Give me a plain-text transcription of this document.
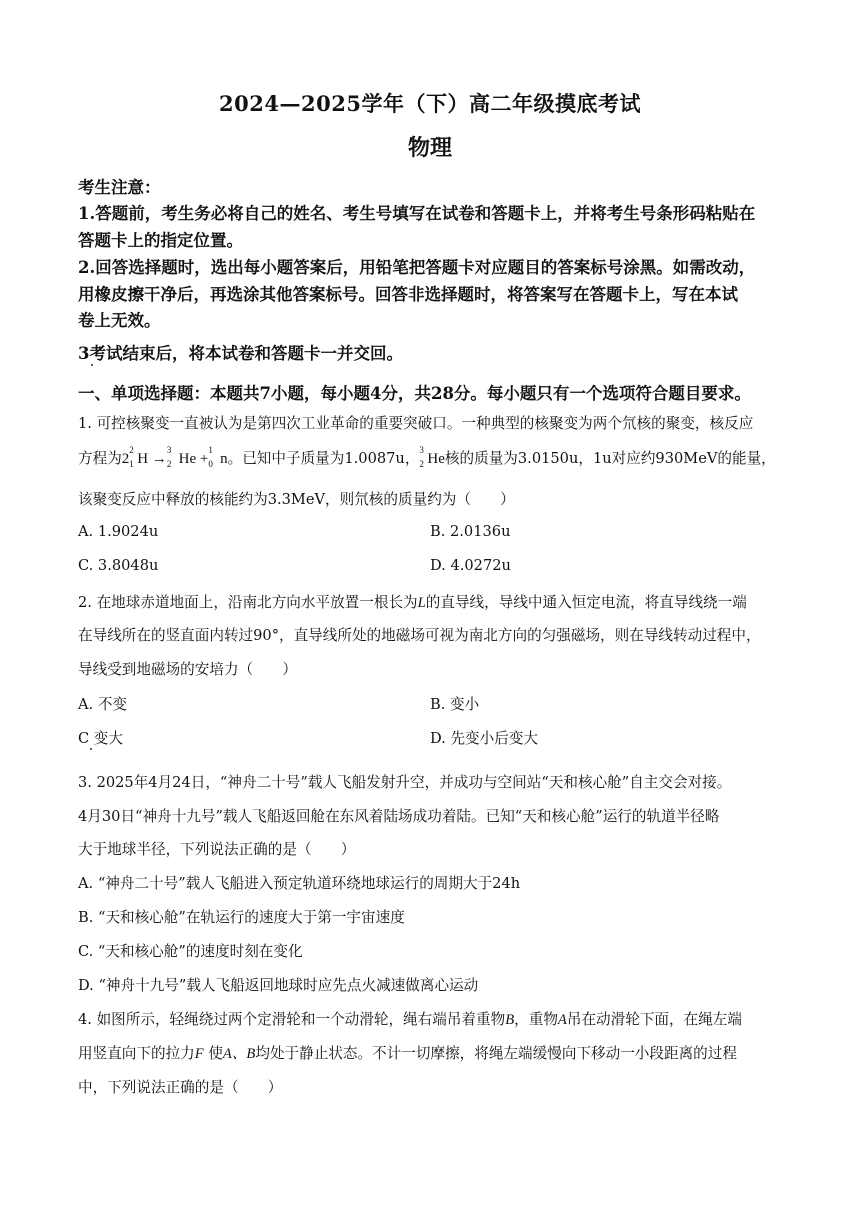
2024—2025学年（下）高二年级摸底考试
物理
考生注意：
1.答题前，考生务必将自己的姓名、考生号填写在试卷和答题卡上，并将考生号条形码粘贴在
答题卡上的指定位置。
2.回答选择题时，选出每小题答案后，用铅笔把答题卡对应题目的答案标号涂黑。如需改动，
用橡皮擦干净后，再选涂其他答案标号。回答非选择题时，将答案写在答题卡上，写在本试
卷上无效。
3考试结束后，将本试卷和答题卡一并交回。
一、单项选择题：本题共7小题，每小题4分，共28分。每小题只有一个选项符合题目要求。
1. 可控核聚变一直被认为是第四次工业革命的重要突破口。一种典型的核聚变为两个氘核的聚变，核反应
方程为2
2
1 H →
3
2 He +
1
0 n。已知中子质量为1.0087u，
3
2 He核的质量为3.0150u，1u对应约930MeV的能量，
该聚变反应中释放的核能约为3.3MeV，则氘核的质量约为（　　）
A. 1.9024u	B. 2.0136u
C. 3.8048u	D. 4.0272u
2. 在地球赤道地面上，沿南北方向水平放置一根长为L的直导线，导线中通入恒定电流，将直导线绕一端
在导线所在的竖直面内转过90°，直导线所处的地磁场可视为南北方向的匀强磁场，则在导线转动过程中，
导线受到地磁场的安培力（　　）
A. 不变	B. 变小
C 变大	D. 先变小后变大
3. 2025年4月24日，“神舟二十号”载人飞船发射升空，并成功与空间站“天和核心舱”自主交会对接。
4月30日“神舟十九号”载人飞船返回舱在东风着陆场成功着陆。已知“天和核心舱”运行的轨道半径略
大于地球半径，下列说法正确的是（　　）
A. “神舟二十号”载人飞船进入预定轨道环绕地球运行的周期大于24h
B. “天和核心舱”在轨运行的速度大于第一宇宙速度
C. “天和核心舱”的速度时刻在变化
D. “神舟十九号”载人飞船返回地球时应先点火减速做离心运动
4. 如图所示，轻绳绕过两个定滑轮和一个动滑轮，绳右端吊着重物B，重物A吊在动滑轮下面，在绳左端
用竖直向下的拉力F 使A、B均处于静止状态。不计一切摩擦，将绳左端缓慢向下移动一小段距离的过程
中，下列说法正确的是（　　）
